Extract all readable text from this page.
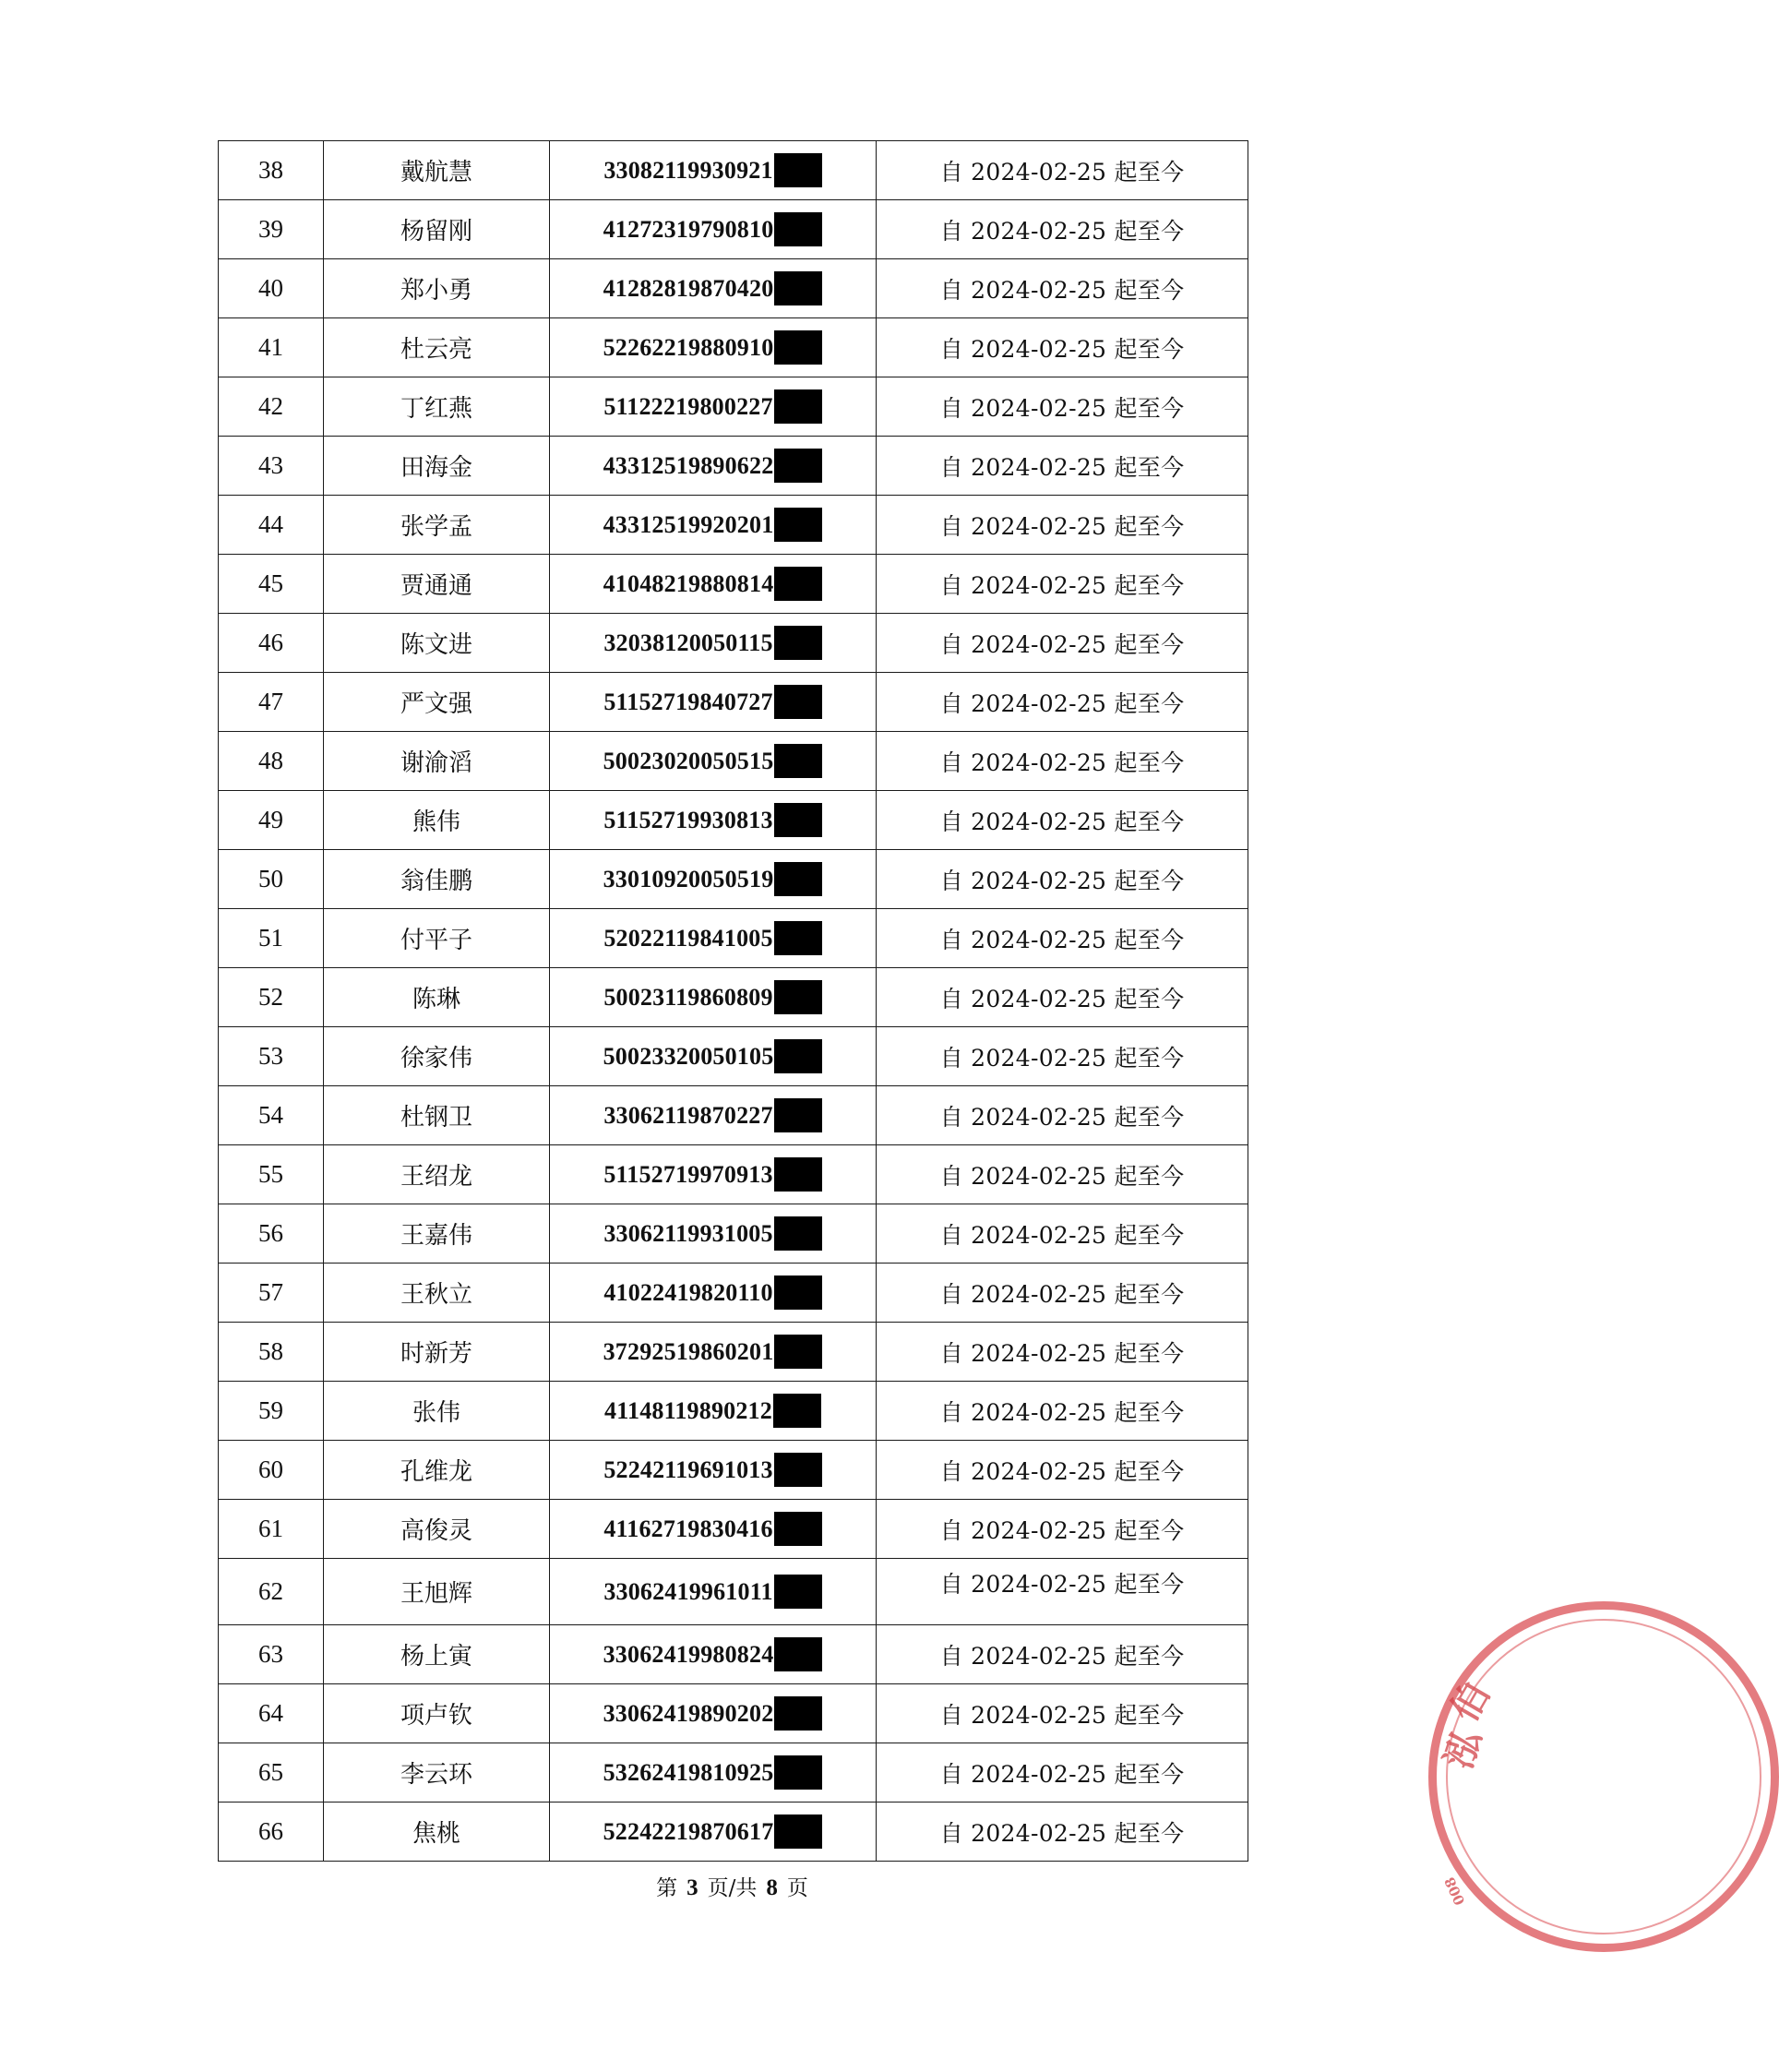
38	戴航慧	33082119930921	自 2024-02-25 起至今
39	杨留刚	41272319790810	自 2024-02-25 起至今
40	郑小勇	41282819870420	自 2024-02-25 起至今
41	杜云亮	52262219880910	自 2024-02-25 起至今
42	丁红燕	51122219800227	自 2024-02-25 起至今
43	田海金	43312519890622	自 2024-02-25 起至今
44	张学孟	43312519920201	自 2024-02-25 起至今
45	贾通通	41048219880814	自 2024-02-25 起至今
46	陈文进	32038120050115	自 2024-02-25 起至今
47	严文强	51152719840727	自 2024-02-25 起至今
48	谢渝滔	50023020050515	自 2024-02-25 起至今
49	熊伟	51152719930813	自 2024-02-25 起至今
50	翁佳鹏	33010920050519	自 2024-02-25 起至今
51	付平子	52022119841005	自 2024-02-25 起至今
52	陈琳	50023119860809	自 2024-02-25 起至今
53	徐家伟	50023320050105	自 2024-02-25 起至今
54	杜钢卫	33062119870227	自 2024-02-25 起至今
55	王绍龙	51152719970913	自 2024-02-25 起至今
56	王嘉伟	33062119931005	自 2024-02-25 起至今
57	王秋立	41022419820110	自 2024-02-25 起至今
58	时新芳	37292519860201	自 2024-02-25 起至今
59	张伟	41148119890212	自 2024-02-25 起至今
60	孔维龙	52242119691013	自 2024-02-25 起至今
61	高俊灵	41162719830416	自 2024-02-25 起至今
62	王旭辉	33062419961011	自 2024-02-25 起至今
63	杨上寅	33062419980824	自 2024-02-25 起至今
64	项卢钦	33062419890202	自 2024-02-25 起至今
65	李云环	53262419810925	自 2024-02-25 起至今
66	焦桃	52242219870617	自 2024-02-25 起至今
第 3 页/共 8 页
伯
泓
008
